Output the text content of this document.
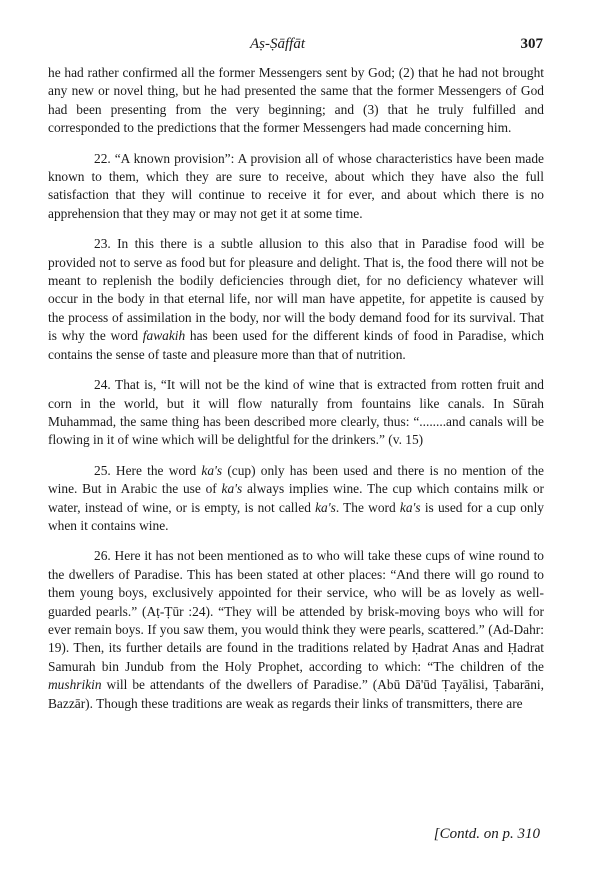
Aṣ-Ṣāffāt	307

he had rather confirmed all the former Messengers sent by God; (2) that he had not brought any new or novel thing, but he had presented the same that the former Messengers of God had been presenting from the very beginning; and (3) that he truly fulfilled and corresponded to the predictions that the former Messengers had made concerning him.

22. “A known provision”: A provision all of whose characteristics have been made known to them, which they are sure to receive, about which they have also the full satisfaction that they will continue to receive it for ever, and about which there is no apprehension that they may or may not get it at some time.

23. In this there is a subtle allusion to this also that in Paradise food will be provided not to serve as food but for pleasure and delight. That is, the food there will not be meant to replenish the bodily deficiencies through diet, for no deficiency whatever will occur in the body in that eternal life, nor will man have appetite, for appetite is caused by the process of assimilation in the body, nor will the body demand food for its survival. That is why the word fawakih has been used for the different kinds of food in Paradise, which contains the sense of taste and pleasure more than that of nutrition.

24. That is, “It will not be the kind of wine that is extracted from rotten fruit and corn in the world, but it will flow naturally from fountains like canals. In Sūrah Muhammad, the same thing has been described more clearly, thus: “........and canals will be flowing in it of wine which will be delightful for the drinkers.” (v. 15)

25. Here the word ka's (cup) only has been used and there is no mention of the wine. But in Arabic the use of ka's always implies wine. The cup which contains milk or water, instead of wine, or is empty, is not called ka's. The word ka's is used for a cup only when it contains wine.

26. Here it has not been mentioned as to who will take these cups of wine round to the dwellers of Paradise. This has been stated at other places: “And there will go round to them young boys, exclusively appointed for their service, who will be as lovely as well-guarded pearls.” (Aṭ-Ṭūr :24). “They will be attended by brisk-moving boys who will for ever remain boys. If you saw them, you would think they were pearls, scattered.” (Ad-Dahr: 19). Then, its further details are found in the traditions related by Ḥadrat Anas and Ḥadrat Samurah bin Jundub from the Holy Prophet, according to which: “The children of the mushrikin will be attendants of the dwellers of Paradise.” (Abū Dā'ūd Ṭayālisi, Ṭabarāni, Bazzār). Though these traditions are weak as regards their links of transmitters, there are

[Contd. on p. 310
